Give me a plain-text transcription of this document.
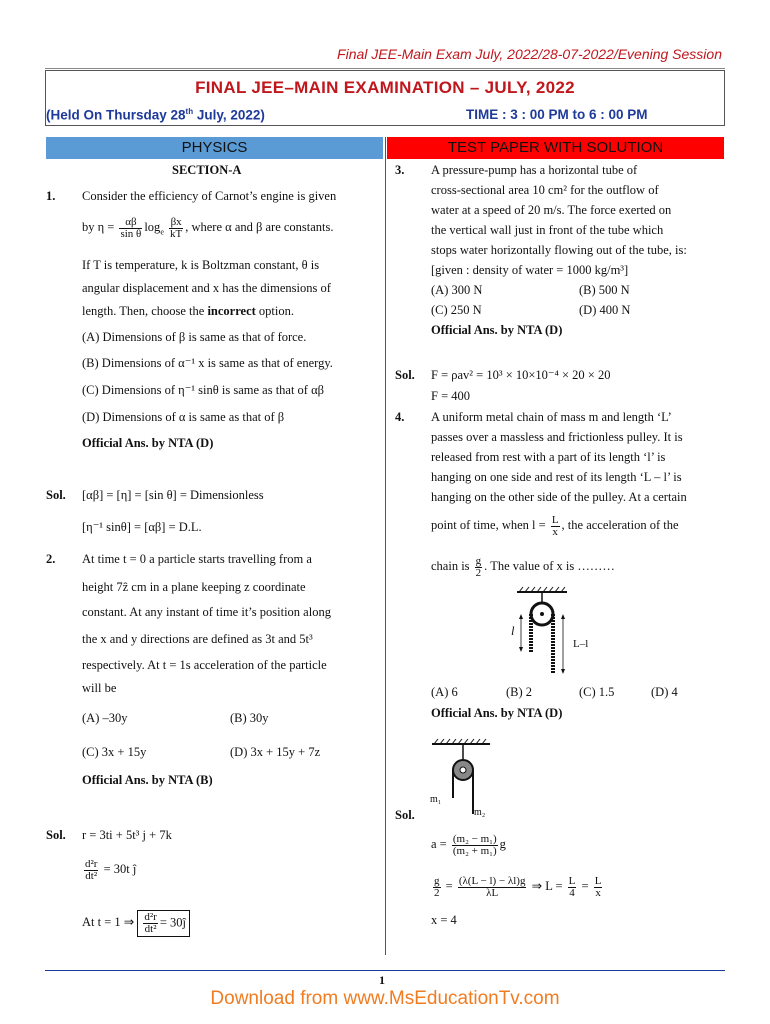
Final JEE-Main Exam July, 2022/28-07-2022/Evening Session
FINAL JEE–MAIN EXAMINATION – JULY, 2022
(Held On Thursday 28th July, 2022)	TIME : 3 : 00 PM to 6 : 00 PM
PHYSICS	TEST PAPER WITH SOLUTION
SECTION-A
1. Consider the efficiency of Carnot’s engine is given
by $\eta = \frac{\alpha\beta}{\text{sin θ}} \log_e \frac{\beta x}{kT}$ , where α and β are constants.
If T is temperature, k is Boltzman constant, θ is
angular displacement and x has the dimensions of
length. Then, choose the incorrect option.
(A) Dimensions of β is same as that of force.
(B) Dimensions of α⁻¹ x is same as that of energy.
(C) Dimensions of η⁻¹ sinθ is same as that of αβ
(D) Dimensions of α is same as that of β
Official Ans. by NTA (D)
Sol. [αβ] = [η] = [sin θ] = Dimensionless
[η⁻¹ sinθ] = [αβ] = D.L.
2. At time t = 0 a particle starts travelling from a
height 7ẑ cm in a plane keeping z coordinate
constant. At any instant of time it’s position along
the x and y directions are defined as 3t and 5t³
respectively. At t = 1s acceleration of the particle
will be
(A) –30y	(B) 30y
(C) 3x + 15y	(D) 3x + 15y + 7z
Official Ans. by NTA (B)
Sol. r = 3ti + 5t³ j + 7k
$\frac{\text{d²r}}{\text{dt²}} = 30t$ ĵ
At t = 1 ⇒ $\frac{\text{d²r}}{\text{dt²}}$ = 30ĵ
3. A pressure-pump has a horizontal tube of
cross-sectional area 10 cm² for the outflow of
water at a speed of 20 m/s. The force exerted on
the vertical wall just in front of the tube which
stops water horizontally flowing out of the tube, is:
[given : density of water = 1000 kg/m³]
(A) 300 N	(B) 500 N
(C) 250 N	(D) 400 N
Official Ans. by NTA (D)
Sol. F = ρav² = 10³ × 10×10⁻⁴ × 20 × 20
F = 400
4. A uniform metal chain of mass m and length ‘L’
passes over a massless and frictionless pulley. It is
released from rest with a part of its length ‘l’ is
hanging on one side and rest of its length ‘L – l’ is
hanging on the other side of the pulley. At a certain
point of time, when $l = \frac{L}{x}$ , the acceleration of the
chain is $\frac{g}{2}$ . The value of x is ………
l
L–l
(A) 6	(B) 2	(C) 1.5	(D) 4
Official Ans. by NTA (D)
m₁
m₂
Sol.
$a = \frac{\text{(m₂ − m₁)}}{\text{(m₂ + m₁)}}$ g
$\frac{g}{2} = \frac{(\lambda(L - l) - \lambda l)g}{\lambda L}$ ⇒ $L = \frac{L}{4} = \frac{L}{x}$
x = 4
1
Download from www.MsEducationTv.com
